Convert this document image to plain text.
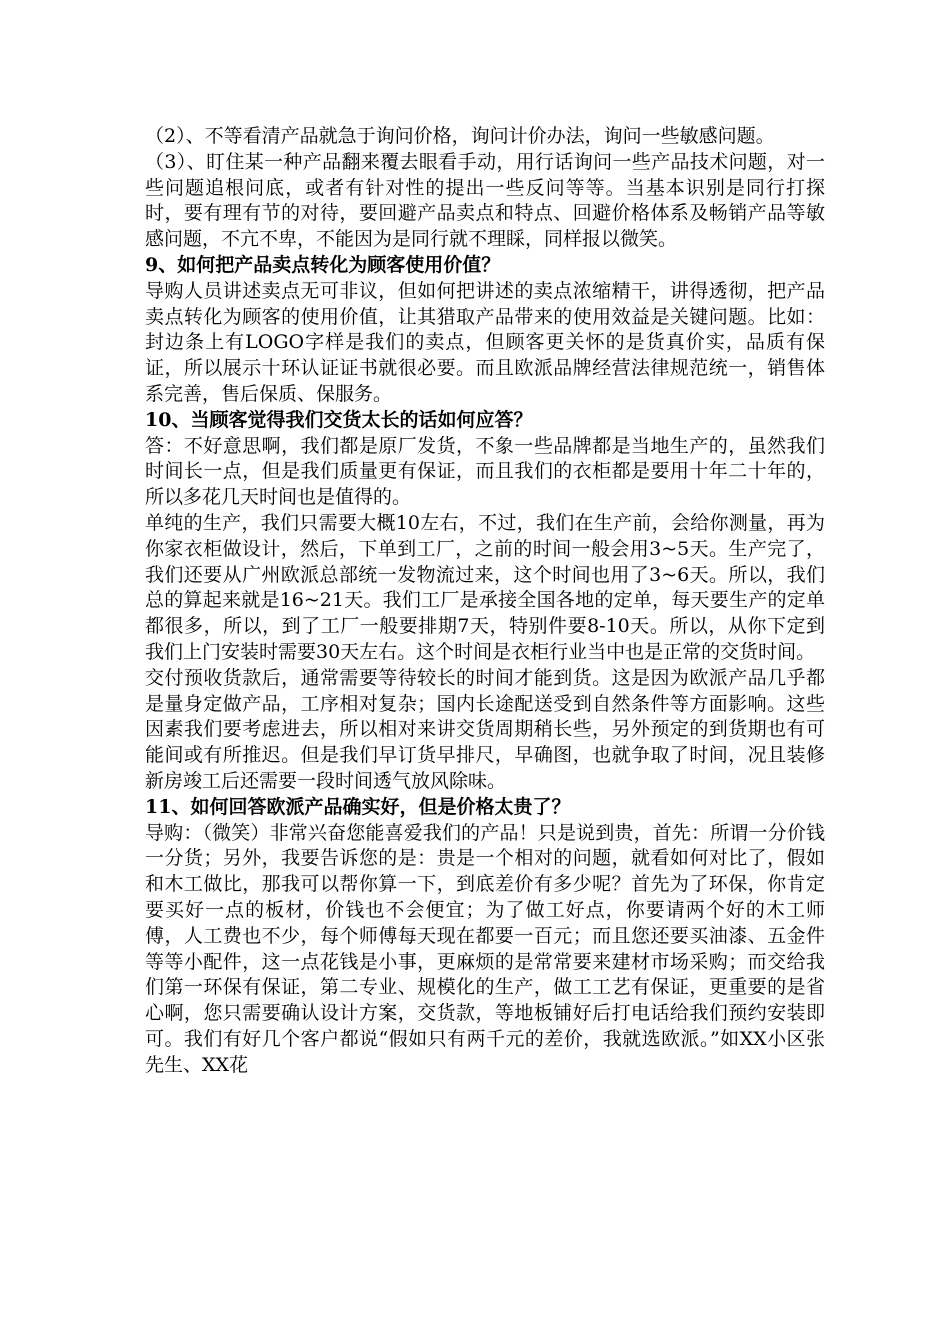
（2）、不等看清产品就急于询问价格，询问计价办法，询问一些敏感问题。

（3）、盯住某一种产品翻来覆去眼看手动，用行话询问一些产品技术问题，对一些问题追根问底，或者有针对性的提出一些反问等等。当基本识别是同行打探时，要有理有节的对待，要回避产品卖点和特点、回避价格体系及畅销产品等敏感问题，不亢不卑，不能因为是同行就不理睬，同样报以微笑。

9、如何把产品卖点转化为顾客使用价值？

导购人员讲述卖点无可非议，但如何把讲述的卖点浓缩精干，讲得透彻，把产品卖点转化为顾客的使用价值，让其猎取产品带来的使用效益是关键问题。比如：封边条上有LOGO字样是我们的卖点，但顾客更关怀的是货真价实，品质有保证，所以展示十环认证证书就很必要。而且欧派品牌经营法律规范统一，销售体系完善，售后保质、保服务。

10、当顾客觉得我们交货太长的话如何应答？

答：不好意思啊，我们都是原厂发货，不象一些品牌都是当地生产的，虽然我们时间长一点，但是我们质量更有保证，而且我们的衣柜都是要用十年二十年的，所以多花几天时间也是值得的。

单纯的生产，我们只需要大概10左右，不过，我们在生产前，会给你测量，再为你家衣柜做设计，然后，下单到工厂，之前的时间一般会用3~5天。生产完了，我们还要从广州欧派总部统一发物流过来，这个时间也用了3~6天。所以，我们总的算起来就是16~21天。我们工厂是承接全国各地的定单，每天要生产的定单都很多，所以，到了工厂一般要排期7天，特别件要8-10天。所以，从你下定到我们上门安装时需要30天左右。这个时间是衣柜行业当中也是正常的交货时间。

交付预收货款后，通常需要等待较长的时间才能到货。这是因为欧派产品几乎都是量身定做产品，工序相对复杂；国内长途配送受到自然条件等方面影响。这些因素我们要考虑进去，所以相对来讲交货周期稍长些，另外预定的到货期也有可能间或有所推迟。但是我们早订货早排尺，早确图，也就争取了时间，况且装修新房竣工后还需要一段时间透气放风除味。

11、如何回答欧派产品确实好，但是价格太贵了？

导购：（微笑）非常兴奋您能喜爱我们的产品！只是说到贵，首先：所谓一分价钱一分货；另外，我要告诉您的是：贵是一个相对的问题，就看如何对比了，假如和木工做比，那我可以帮你算一下，到底差价有多少呢？首先为了环保，你肯定要买好一点的板材，价钱也不会便宜；为了做工好点，你要请两个好的木工师傅，人工费也不少，每个师傅每天现在都要一百元；而且您还要买油漆、五金件等等小配件，这一点花钱是小事，更麻烦的是常常要来建材市场采购；而交给我们第一环保有保证，第二专业、规模化的生产，做工工艺有保证，更重要的是省心啊，您只需要确认设计方案，交货款，等地板铺好后打电话给我们预约安装即可。我们有好几个客户都说“假如只有两千元的差价，我就选欧派。”如XX小区张先生、XX花
